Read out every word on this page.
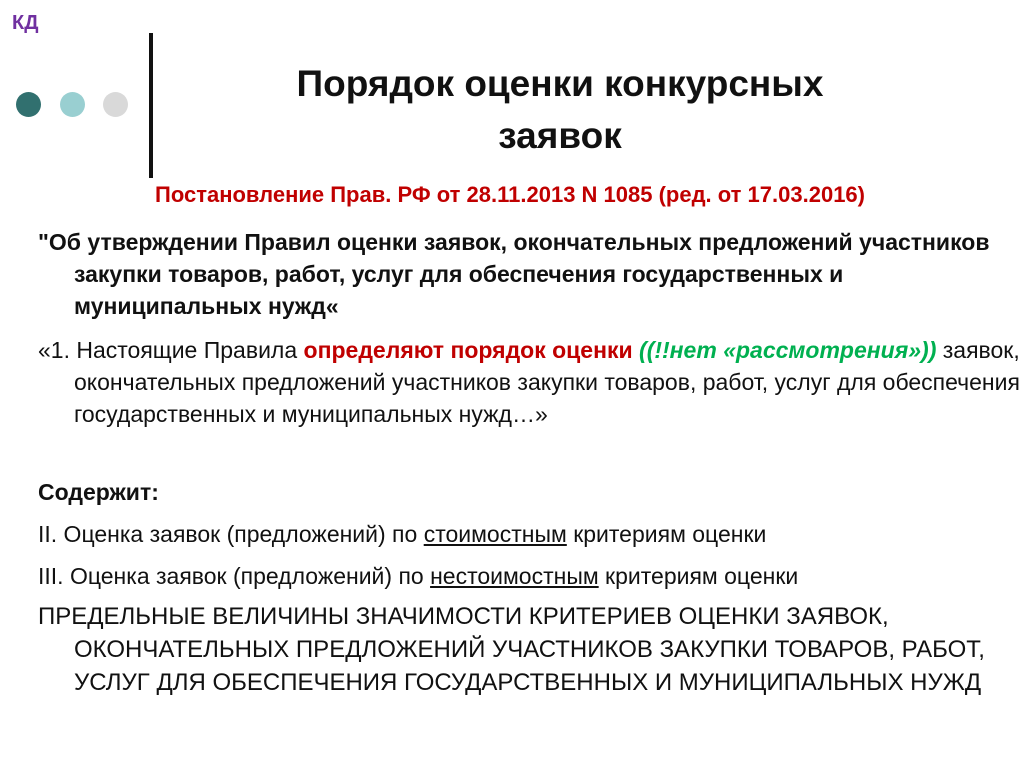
КД
Порядок оценки конкурсных
заявок
Постановление Прав. РФ от 28.11.2013 N 1085 (ред. от 17.03.2016)
"Об утверждении Правил оценки заявок, окончательных предложений участников закупки товаров, работ, услуг для обеспечения государственных и муниципальных нужд«
«1. Настоящие Правила определяют порядок оценки ((!!нет «рассмотрения»)) заявок, окончательных предложений участников закупки товаров, работ, услуг для обеспечения государственных и муниципальных нужд…»
Содержит:
II. Оценка заявок (предложений) по стоимостным критериям оценки
III. Оценка заявок (предложений) по нестоимостным критериям оценки
ПРЕДЕЛЬНЫЕ ВЕЛИЧИНЫ ЗНАЧИМОСТИ КРИТЕРИЕВ ОЦЕНКИ ЗАЯВОК, ОКОНЧАТЕЛЬНЫХ ПРЕДЛОЖЕНИЙ УЧАСТНИКОВ ЗАКУПКИ ТОВАРОВ, РАБОТ, УСЛУГ ДЛЯ ОБЕСПЕЧЕНИЯ ГОСУДАРСТВЕННЫХ И МУНИЦИПАЛЬНЫХ НУЖД
